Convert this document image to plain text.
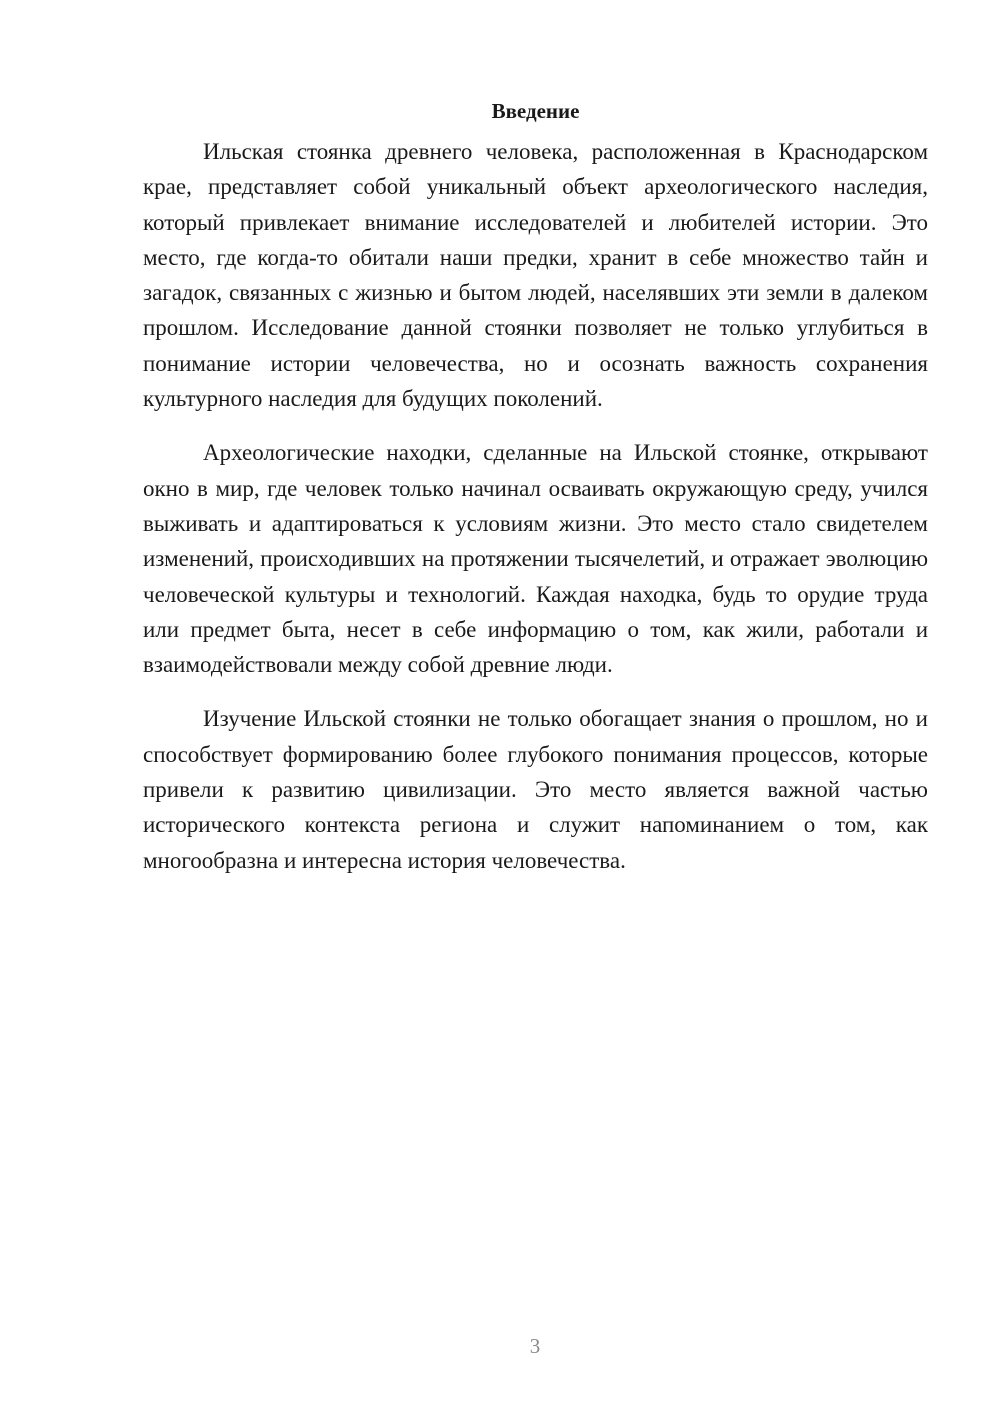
Введение

Ильская стоянка древнего человека, расположенная в Краснодарском крае, представляет собой уникальный объект археологического наследия, который привлекает внимание исследователей и любителей истории. Это место, где когда-то обитали наши предки, хранит в себе множество тайн и загадок, связанных с жизнью и бытом людей, населявших эти земли в далеком прошлом. Исследование данной стоянки позволяет не только углубиться в понимание истории человечества, но и осознать важность сохранения культурного наследия для будущих поколений.

Археологические находки, сделанные на Ильской стоянке, открывают окно в мир, где человек только начинал осваивать окружающую среду, учился выживать и адаптироваться к условиям жизни. Это место стало свидетелем изменений, происходивших на протяжении тысячелетий, и отражает эволюцию человеческой культуры и технологий. Каждая находка, будь то орудие труда или предмет быта, несет в себе информацию о том, как жили, работали и взаимодействовали между собой древние люди.

Изучение Ильской стоянки не только обогащает знания о прошлом, но и способствует формированию более глубокого понимания процессов, которые привели к развитию цивилизации. Это место является важной частью исторического контекста региона и служит напоминанием о том, как многообразна и интересна история человечества.

3
